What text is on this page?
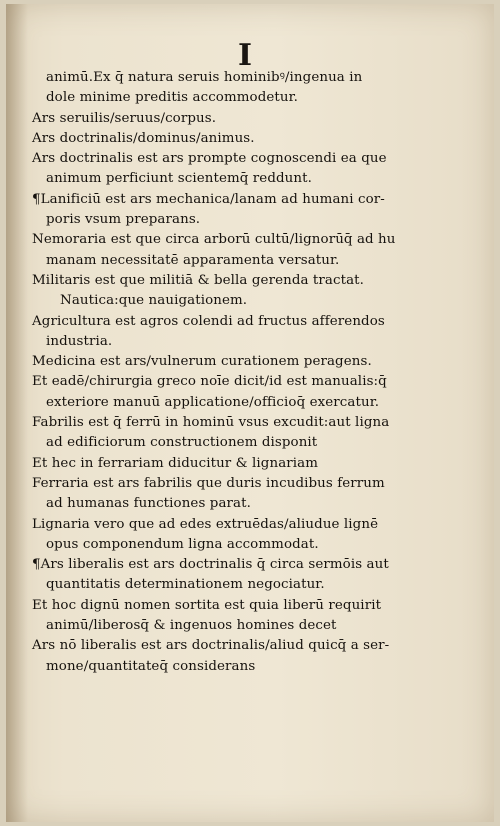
I
animū.Ex q̄ natura seruis hominibꝰ/ingenua in
dole minime preditis accommodetur.
Ars seruilis/seruus/corpus.
Ars doctrinalis/dominus/animus.
Ars doctrinalis est ars prompte cognoscendi ea que
animum perficiunt scientemq̄ reddunt.
¶Lanificiū est ars mechanica/lanam ad humani cor-
poris vsum preparans.
Nemoraria est que circa arborū cultū/lignorūq̄ ad hu
manam necessitatē apparamenta versatur.
Militaris est que militiā & bella gerenda tractat.
Nautica:que nauigationem.
Agricultura est agros colendi ad fructus afferendos
industria.
Medicina est ars/vulnerum curationem peragens.
Et eadē/chirurgia greco noīe dicit/id est manualis:q̄
exteriore manuū applicatione/officioq̄ exercatur.
Fabrilis est q̄ ferrū in hominū vsus excudit:aut ligna
ad edificiorum constructionem disponit
Et hec in ferrariam diducitur & lignariam
Ferraria est ars fabrilis que duris incudibus ferrum
ad humanas functiones parat.
Lignaria vero que ad edes extruēdas/aliudue lignē
opus componendum ligna accommodat.
¶Ars liberalis est ars doctrinalis q̄ circa sermōis aut
quantitatis determinationem negociatur.
Et hoc dignū nomen sortita est quia liberū requirit
animū/liberosq̄ & ingenuos homines decet
Ars nō liberalis est ars doctrinalis/aliud quicq̄ a ser-
mone/quantitateq̄ considerans
